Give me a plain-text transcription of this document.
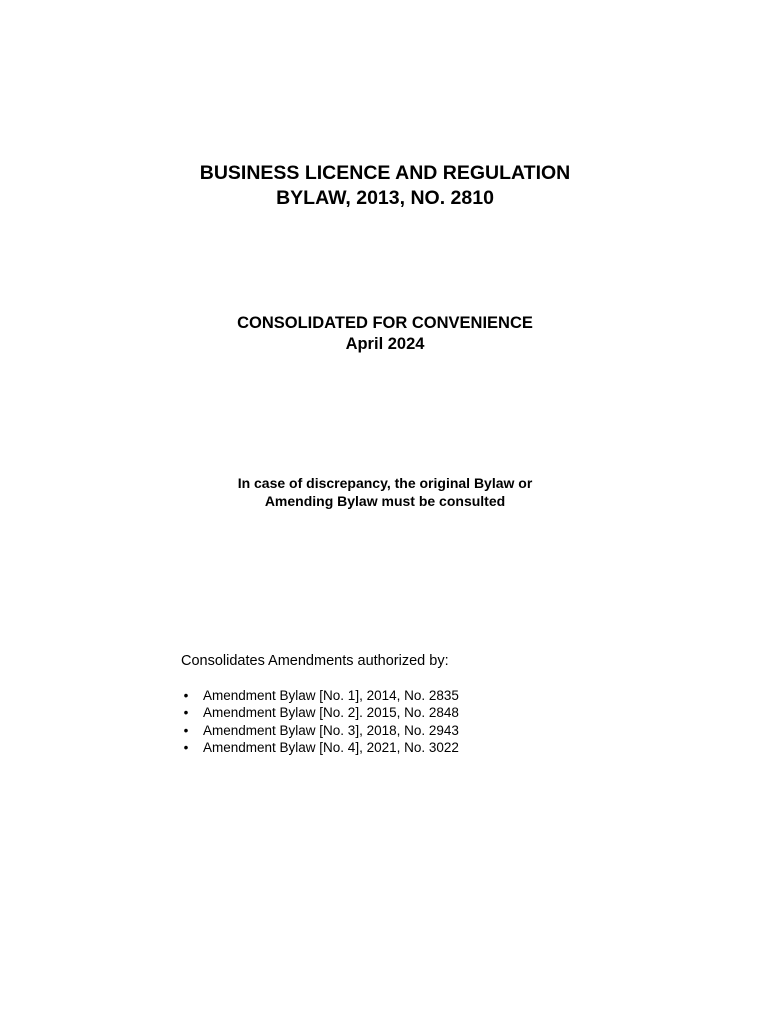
BUSINESS LICENCE AND REGULATION
BYLAW, 2013, NO. 2810
CONSOLIDATED FOR CONVENIENCE
April 2024
In case of discrepancy, the original Bylaw or
Amending Bylaw must be consulted
Consolidates Amendments authorized by:
• Amendment Bylaw [No. 1], 2014, No. 2835
• Amendment Bylaw [No. 2]. 2015, No. 2848
• Amendment Bylaw [No. 3], 2018, No. 2943
• Amendment Bylaw [No. 4], 2021, No. 3022
